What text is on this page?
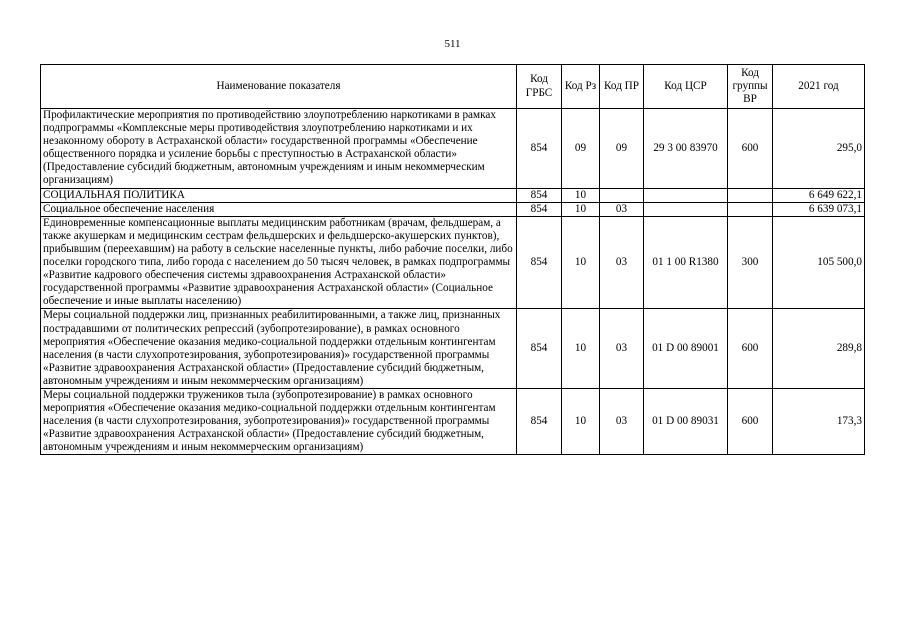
511
Наименование показателя	Код ГРБС	Код Рз	Код ПР	Код ЦСР	Код группы ВР	2021 год
Профилактические мероприятия по противодействию злоупотреблению наркотиками в рамках подпрограммы «Комплексные меры противодействия злоупотреблению наркотиками и их незаконному обороту в Астраханской области» государственной программы «Обеспечение общественного порядка и усиление борьбы с преступностью в Астраханской области» (Предоставление субсидий бюджетным, автономным учреждениям и иным некоммерческим организациям)	854	09	09	29 3 00 83970	600	295,0
СОЦИАЛЬНАЯ ПОЛИТИКА	854	10				6 649 622,1
Социальное обеспечение населения	854	10	03			6 639 073,1
Единовременные компенсационные выплаты медицинским работникам (врачам, фельдшерам, а также акушеркам и медицинским сестрам фельдшерских и фельдшерско-акушерских пунктов), прибывшим (переехавшим) на работу в сельские населенные пункты, либо рабочие поселки, либо поселки городского типа, либо города с населением до 50 тысяч человек, в рамках подпрограммы «Развитие кадрового обеспечения системы здравоохранения Астраханской области» государственной программы «Развитие здравоохранения Астраханской области» (Социальное обеспечение и иные выплаты населению)	854	10	03	01 1 00 R1380	300	105 500,0
Меры социальной поддержки лиц, признанных реабилитированными, а также лиц, признанных пострадавшими от политических репрессий (зубопротезирование), в рамках основного мероприятия «Обеспечение оказания медико-социальной поддержки отдельным контингентам населения (в части слухопротезирования, зубопротезирования)» государственной программы «Развитие здравоохранения Астраханской области» (Предоставление субсидий бюджетным, автономным учреждениям и иным некоммерческим организациям)	854	10	03	01 D 00 89001	600	289,8
Меры социальной поддержки тружеников тыла (зубопротезирование) в рамках основного мероприятия «Обеспечение оказания медико-социальной поддержки отдельным контингентам населения (в части слухопротезирования, зубопротезирования)» государственной программы «Развитие здравоохранения Астраханской области» (Предоставление субсидий бюджетным, автономным учреждениям и иным некоммерческим организациям)	854	10	03	01 D 00 89031	600	173,3
